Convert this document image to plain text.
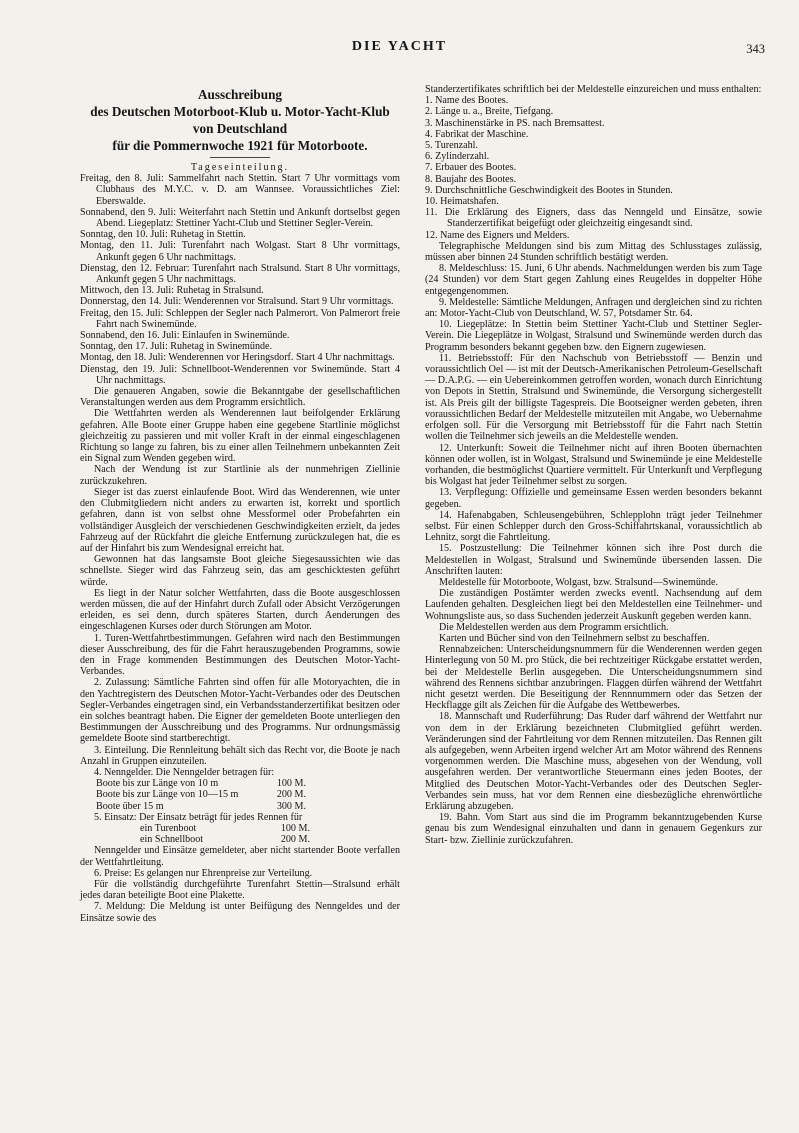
DIE YACHT	343
Ausschreibung
des Deutschen Motorboot-Klub u. Motor-Yacht-Klub
von Deutschland
für die Pommernwoche 1921 für Motorboote.
Tageseinteilung.

Freitag, den 8. Juli: Sammelfahrt nach Stettin. Start 7 Uhr vormittags vom Clubhaus des M.Y.C. v. D. am Wannsee. Voraussichtliches Ziel: Eberswalde.

Sonnabend, den 9. Juli: Weiterfahrt nach Stettin und Ankunft dortselbst gegen Abend. Liegeplatz: Stettiner Yacht-Club und Stettiner Segler-Verein.

Sonntag, den 10. Juli: Ruhetag in Stettin.

Montag, den 11. Juli: Turenfahrt nach Wolgast. Start 8 Uhr vormittags, Ankunft gegen 6 Uhr nachmittags.

Dienstag, den 12. Februar: Turenfahrt nach Stralsund. Start 8 Uhr vormittags, Ankunft gegen 5 Uhr nachmittags.

Mittwoch, den 13. Juli: Ruhetag in Stralsund.

Donnerstag, den 14. Juli: Wenderennen vor Stralsund. Start 9 Uhr vormittags.

Freitag, den 15. Juli: Schleppen der Segler nach Palmerort. Von Palmerort freie Fahrt nach Swinemünde.

Sonnabend, den 16. Juli: Einlaufen in Swinemünde.

Sonntag, den 17. Juli: Ruhetag in Swinemünde.

Montag, den 18. Juli: Wenderennen vor Heringsdorf. Start 4 Uhr nachmittags.

Dienstag, den 19. Juli: Schnellboot-Wenderennen vor Swinemünde. Start 4 Uhr nachmittags.

Die genaueren Angaben, sowie die Bekanntgabe der gesellschaftlichen Veranstaltungen werden aus dem Programm ersichtlich.

Die Wettfahrten werden als Wenderennen laut beifolgender Erklärung gefahren. Alle Boote einer Gruppe haben eine gegebene Startlinie möglichst gleichzeitig zu passieren und mit voller Kraft in der einmal eingeschlagenen Richtung so lange zu fahren, bis zu einer allen Teilnehmern unbekannten Zeit ein Signal zum Wenden gegeben wird.

Nach der Wendung ist zur Startlinie als der nunmehrigen Ziellinie zurückzukehren.

Sieger ist das zuerst einlaufende Boot. Wird das Wenderennen, wie unter den Clubmitgliedern nicht anders zu erwarten ist, korrekt und sportlich gefahren, dann ist von selbst ohne Messformel oder Probefahrten ein vollständiger Ausgleich der verschiedenen Geschwindigkeiten erzielt, da jedes Fahrzeug auf der Rückfahrt die gleiche Entfernung zurückzulegen hat, die es auf der Hinfahrt bis zum Wendesignal erreicht hat.

Gewonnen hat das langsamste Boot gleiche Siegesaussichten wie das schnellste. Sieger wird das Fahrzeug sein, das am geschicktesten geführt würde.

Es liegt in der Natur solcher Wettfahrten, dass die Boote ausgeschlossen werden müssen, die auf der Hinfahrt durch Zufall oder Absicht Verzögerungen erleiden, es sei denn, durch späteres Starten, durch Aenderungen des eingeschlagenen Kurses oder durch Störungen am Motor.

1. Turen-Wettfahrtbestimmungen. Gefahren wird nach den Bestimmungen dieser Ausschreibung, des für die Fahrt herauszugebenden Programms, sowie den in Frage kommenden Bestimmungen des Deutschen Motor-Yacht-Verbandes.

2. Zulassung: Sämtliche Fahrten sind offen für alle Motoryachten, die in den Yachtregistern des Deutschen Motor-Yacht-Verbandes oder des Deutschen Segler-Verbandes eingetragen sind, ein Verbandsstanderzertifikat besitzen oder ein solches beantragt haben. Die Eigner der gemeldeten Boote unterliegen den Bestimmungen der Ausschreibung und des Programms. Nur ordnungsmässig gemeldete Boote sind startberechtigt.

3. Einteilung. Die Rennleitung behält sich das Recht vor, die Boote je nach Anzahl in Gruppen einzuteilen.

4. Nenngelder. Die Nenngelder betragen für:

Boote bis zur Länge von 10 m	100 M.
Boote bis zur Länge von 10—15 m	200 M.
Boote über 15 m	300 M.

5. Einsatz: Der Einsatz beträgt für jedes Rennen für

ein Turenboot	100 M.
ein Schnellboot	200 M.

Nenngelder und Einsätze gemeldeter, aber nicht startender Boote verfallen der Wettfahrtleitung.

6. Preise: Es gelangen nur Ehrenpreise zur Verteilung.

Für die vollständig durchgeführte Turenfahrt Stettin—Stralsund erhält jedes daran beteiligte Boot eine Plakette.

7. Meldung: Die Meldung ist unter Beifügung des Nenngeldes und der Einsätze sowie des

Standerzertifikates schriftlich bei der Meldestelle einzureichen und muss enthalten:

1. Name des Bootes.

2. Länge u. a., Breite, Tiefgang.

3. Maschinenstärke in PS. nach Bremsattest.

4. Fabrikat der Maschine.

5. Turenzahl.

6. Zylinderzahl.

7. Erbauer des Bootes.

8. Baujahr des Bootes.

9. Durchschnittliche Geschwindigkeit des Bootes in Stunden.

10. Heimatshafen.

11. Die Erklärung des Eigners, dass das Nenngeld und Einsätze, sowie Standerzertifikat beigefügt oder gleichzeitig eingesandt sind.

12. Name des Eigners und Melders.

Telegraphische Meldungen sind bis zum Mittag des Schlusstages zulässig, müssen aber binnen 24 Stunden schriftlich bestätigt werden.

8. Meldeschluss: 15. Juni, 6 Uhr abends. Nachmeldungen werden bis zum Tage (24 Stunden) vor dem Start gegen Zahlung eines Reugeldes in doppelter Höhe entgegengenommen.

9. Meldestelle: Sämtliche Meldungen, Anfragen und dergleichen sind zu richten an: Motor-Yacht-Club von Deutschland, W. 57, Potsdamer Str. 64.

10. Liegeplätze: In Stettin beim Stettiner Yacht-Club und Stettiner Segler-Verein. Die Liegeplätze in Wolgast, Stralsund und Swinemünde werden durch das Programm besonders bekannt gegeben bzw. den Eignern zugewiesen.

11. Betriebsstoff: Für den Nachschub von Betriebsstoff — Benzin und voraussichtlich Oel — ist mit der Deutsch-Amerikanischen Petroleum-Gesellschaft — D.A.P.G. — ein Uebereinkommen getroffen worden, wonach durch Einrichtung von Depots in Stettin, Stralsund und Swinemünde, die Versorgung sichergestellt ist. Als Preis gilt der billigste Tagespreis. Die Bootseigner werden gebeten, ihren voraussichtlichen Bedarf der Meldestelle mitzuteilen mit Angabe, wo Uebernahme erfolgen soll. Für die Versorgung mit Betriebsstoff für die Fahrt nach Stettin wollen die Teilnehmer sich jeweils an die Meldestelle wenden.

12. Unterkunft: Soweit die Teilnehmer nicht auf ihren Booten übernachten können oder wollen, ist in Wolgast, Stralsund und Swinemünde je eine Meldestelle vorhanden, die bestmöglichst Quartiere vermittelt. Für Unterkunft und Verpflegung bis Wolgast hat jeder Teilnehmer selbst zu sorgen.

13. Verpflegung: Offizielle und gemeinsame Essen werden besonders bekannt gegeben.

14. Hafenabgaben, Schleusengebühren, Schlepplohn trägt jeder Teilnehmer selbst. Für einen Schlepper durch den Gross-Schiffahrtskanal, voraussichtlich ab Lehnitz, sorgt die Fahrtleitung.

15. Postzustellung: Die Teilnehmer können sich ihre Post durch die Meldestellen in Wolgast, Stralsund und Swinemünde übersenden lassen. Die Anschriften lauten:

Meldestelle für Motorboote, Wolgast, bzw. Stralsund—Swinemünde.

Die zuständigen Postämter werden zwecks eventl. Nachsendung auf dem Laufenden gehalten. Desgleichen liegt bei den Meldestellen eine Teilnehmer- und Wohnungsliste aus, so dass Suchenden jederzeit Auskunft gegeben werden kann.

Die Meldestellen werden aus dem Programm ersichtlich.

Karten und Bücher sind von den Teilnehmern selbst zu beschaffen.

Rennabzeichen: Unterscheidungsnummern für die Wenderennen werden gegen Hinterlegung von 50 M. pro Stück, die bei rechtzeitiger Rückgabe erstattet werden, bei der Meldestelle Berlin ausgegeben. Die Unterscheidungsnummern sind während des Rennens sichtbar anzubringen. Flaggen dürfen während der Wettfahrt nicht gesetzt werden. Die Beseitigung der Rennnummern oder das Setzen der Heckflagge gilt als Zeichen für die Aufgabe des Wettbewerbes.

18. Mannschaft und Ruderführung: Das Ruder darf während der Wettfahrt nur von dem in der Erklärung bezeichneten Clubmitglied geführt werden. Veränderungen sind der Fahrtleitung vor dem Rennen mitzuteilen. Das Rennen gilt als aufgegeben, wenn Arbeiten irgend welcher Art am Motor während des Rennens vorgenommen werden. Die Maschine muss, abgesehen von der Wendung, voll ausgefahren werden. Der verantwortliche Steuermann eines jeden Bootes, der Mitglied des Deutschen Motor-Yacht-Verbandes oder des Deutschen Segler-Verbandes sein muss, hat vor dem Rennen eine diesbezügliche ehrenwörtliche Erklärung abzugeben.

19. Bahn. Vom Start aus sind die im Programm bekanntzugebenden Kurse genau bis zum Wendesignal einzuhalten und dann in genauem Gegenkurs zur Start- bzw. Ziellinie zurückzufahren.
